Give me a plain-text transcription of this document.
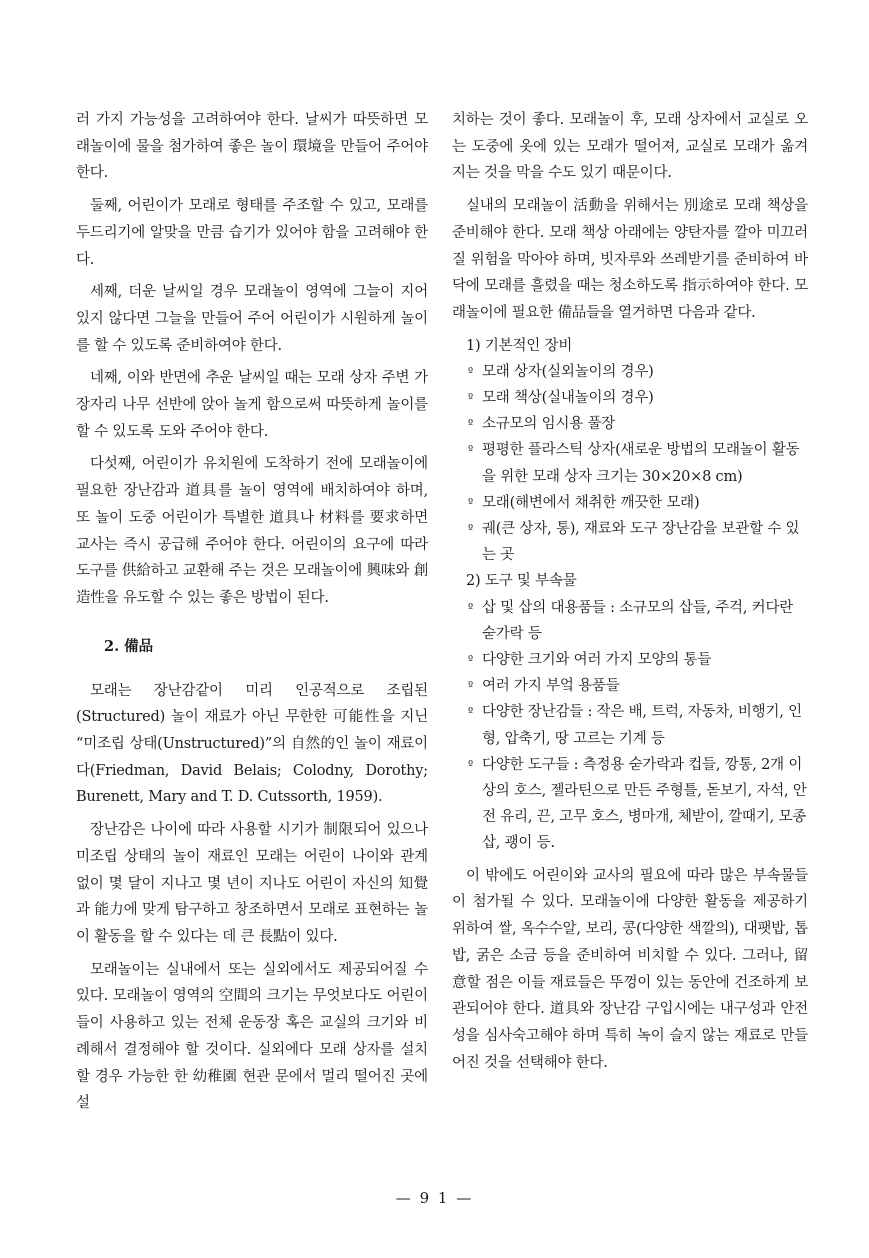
러 가지 가능성을 고려하여야 한다. 날씨가 따뜻하면 모래놀이에 물을 첨가하여 좋은 놀이 環境을 만들어 주어야 한다.

둘째, 어린이가 모래로 형태를 주조할 수 있고, 모래를 두드리기에 알맞을 만큼 습기가 있어야 함을 고려해야 한다.

세째, 더운 날씨일 경우 모래놀이 영역에 그늘이 지어 있지 않다면 그늘을 만들어 주어 어린이가 시원하게 놀이를 할 수 있도록 준비하여야 한다.

네째, 이와 반면에 추운 날씨일 때는 모래 상자 주변 가장자리 나무 선반에 앉아 놀게 함으로써 따뜻하게 놀이를 할 수 있도록 도와 주어야 한다.

다섯째, 어린이가 유치원에 도착하기 전에 모래놀이에 필요한 장난감과 道具를 놀이 영역에 배치하여야 하며, 또 놀이 도중 어린이가 특별한 道具나 材料를 要求하면 교사는 즉시 공급해 주어야 한다. 어린이의 요구에 따라 도구를 供給하고 교환해 주는 것은 모래놀이에 興味와 創造性을 유도할 수 있는 좋은 방법이 된다.

2. 備品

모래는 장난감같이 미리 인공적으로 조립된 (Structured) 놀이 재료가 아닌 무한한 可能性을 지닌 “미조립 상태(Unstructured)”의 自然的인 놀이 재료이다(Friedman, David Belais; Colodny, Dorothy; Burenett, Mary and T. D. Cutssorth, 1959).

장난감은 나이에 따라 사용할 시기가 制限되어 있으나 미조립 상태의 놀이 재료인 모래는 어린이 나이와 관계 없이 몇 달이 지나고 몇 년이 지나도 어린이 자신의 知覺과 能力에 맞게 탐구하고 창조하면서 모래로 표현하는 놀이 활동을 할 수 있다는 데 큰 長點이 있다.

모래놀이는 실내에서 또는 실외에서도 제공되어질 수 있다. 모래놀이 영역의 空間의 크기는 무엇보다도 어린이들이 사용하고 있는 전체 운동장 혹은 교실의 크기와 비례해서 결정해야 할 것이다. 실외에다 모래 상자를 설치할 경우 가능한 한 幼稚園 현관 문에서 멀리 떨어진 곳에 설

치하는 것이 좋다. 모래놀이 후, 모래 상자에서 교실로 오는 도중에 옷에 있는 모래가 떨어져, 교실로 모래가 옮겨지는 것을 막을 수도 있기 때문이다.

실내의 모래놀이 活動을 위해서는 別途로 모래 책상을 준비해야 한다. 모래 책상 아래에는 양탄자를 깔아 미끄러질 위험을 막아야 하며, 빗자루와 쓰레받기를 준비하여 바닥에 모래를 흘렸을 때는 청소하도록 指示하여야 한다. 모래놀이에 필요한 備品들을 열거하면 다음과 같다.

1) 기본적인 장비
º 모래 상자(실외놀이의 경우)
º 모래 책상(실내놀이의 경우)
º 소규모의 임시용 풀장
º 평평한 플라스틱 상자(새로운 방법의 모래놀이 활동을 위한 모래 상자 크기는 30×20×8 cm)
º 모래(해변에서 채취한 깨끗한 모래)
º 궤(큰 상자, 통), 재료와 도구 장난감을 보관할 수 있는 곳
2) 도구 및 부속물
º 삽 및 삽의 대용품들 : 소규모의 삽들, 주걱, 커다란 숟가락 등
º 다양한 크기와 여러 가지 모양의 통들
º 여러 가지 부엌 용품들
º 다양한 장난감들 : 작은 배, 트럭, 자동차, 비행기, 인형, 압축기, 땅 고르는 기계 등
º 다양한 도구들 : 측정용 숟가락과 컵들, 깡통, 2개 이상의 호스, 젤라틴으로 만든 주형틀, 돋보기, 자석, 안전 유리, 끈, 고무 호스, 병마개, 체받이, 깔때기, 모종삽, 괭이 등.

이 밖에도 어린이와 교사의 필요에 따라 많은 부속물들이 첨가될 수 있다. 모래놀이에 다양한 활동을 제공하기 위하여 쌀, 옥수수알, 보리, 콩(다양한 색깔의), 대팻밥, 톱밥, 굵은 소금 등을 준비하여 비치할 수 있다. 그러나, 留意할 점은 이들 재료들은 뚜껑이 있는 동안에 건조하게 보관되어야 한다. 道具와 장난감 구입시에는 내구성과 안전성을 심사숙고해야 하며 특히 녹이 슬지 않는 재료로 만들어진 것을 선택해야 한다.

— 9 1 —
